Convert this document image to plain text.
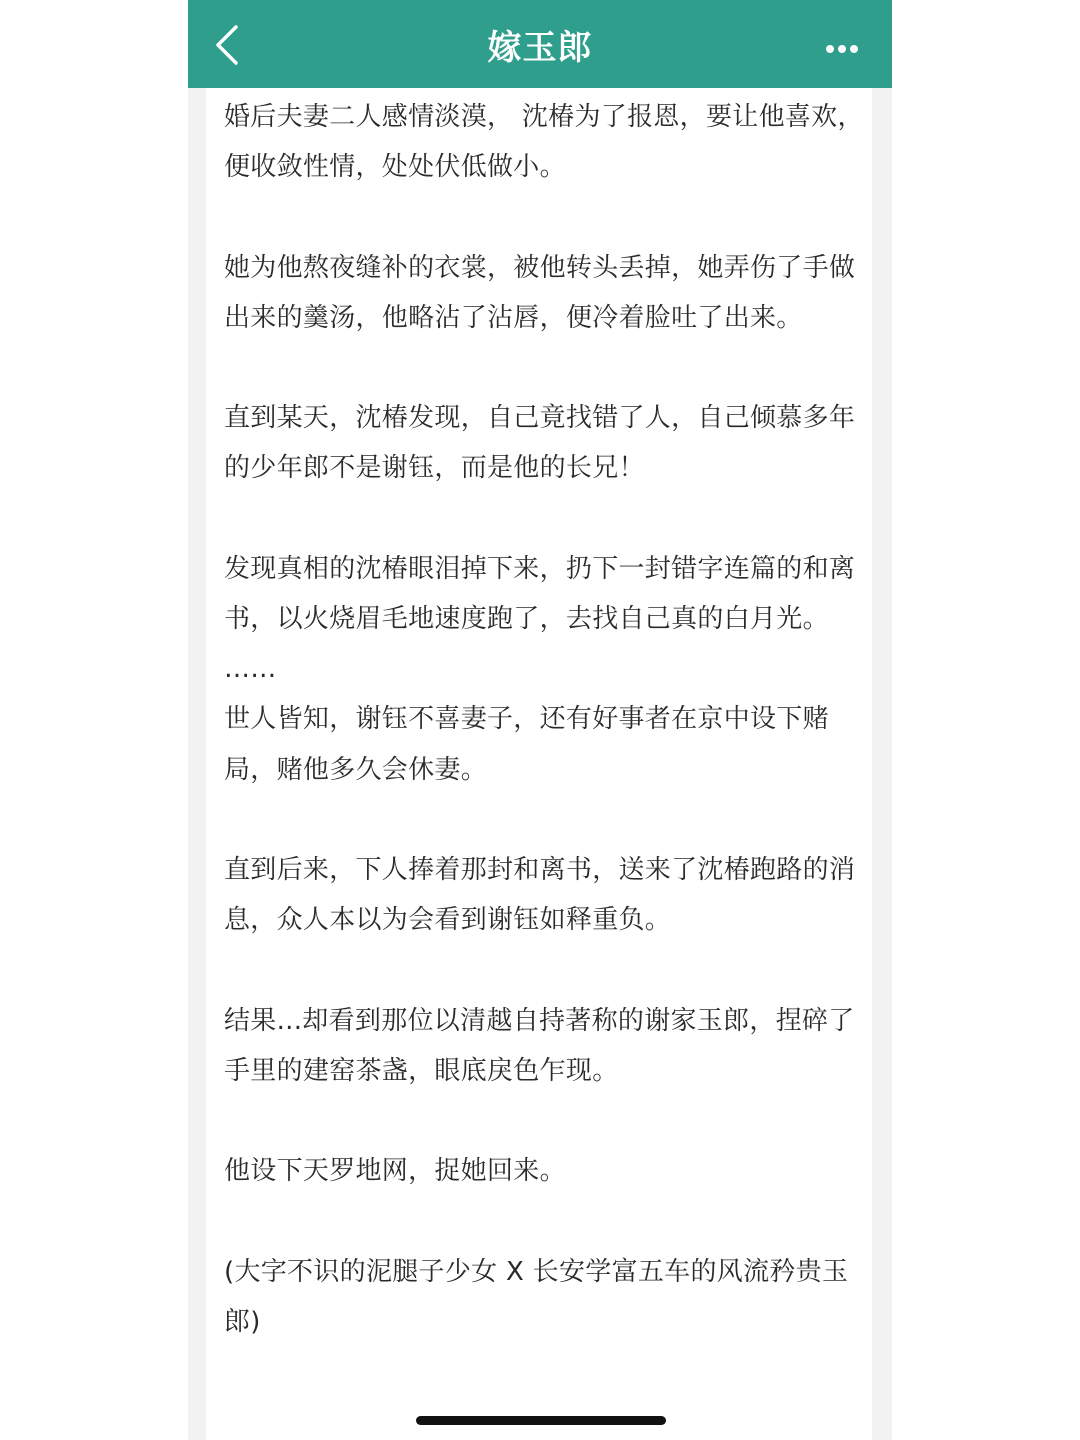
嫁玉郎

婚后夫妻二人感情淡漠， 沈椿为了报恩，要让他喜欢，便收敛性情，处处伏低做小。

她为他熬夜缝补的衣裳，被他转头丢掉，她弄伤了手做出来的羹汤，他略沾了沾唇，便冷着脸吐了出来。

直到某天，沈椿发现，自己竟找错了人，自己倾慕多年的少年郎不是谢钰，而是他的长兄！

发现真相的沈椿眼泪掉下来，扔下一封错字连篇的和离书，以火烧眉毛地速度跑了，去找自己真的白月光。

……

世人皆知，谢钰不喜妻子，还有好事者在京中设下赌局，赌他多久会休妻。

直到后来，下人捧着那封和离书，送来了沈椿跑路的消息，众人本以为会看到谢钰如释重负。

结果...却看到那位以清越自持著称的谢家玉郎，捏碎了手里的建窑茶盏，眼底戾色乍现。

他设下天罗地网，捉她回来。

(大字不识的泥腿子少女 X 长安学富五车的风流矜贵玉郎)
